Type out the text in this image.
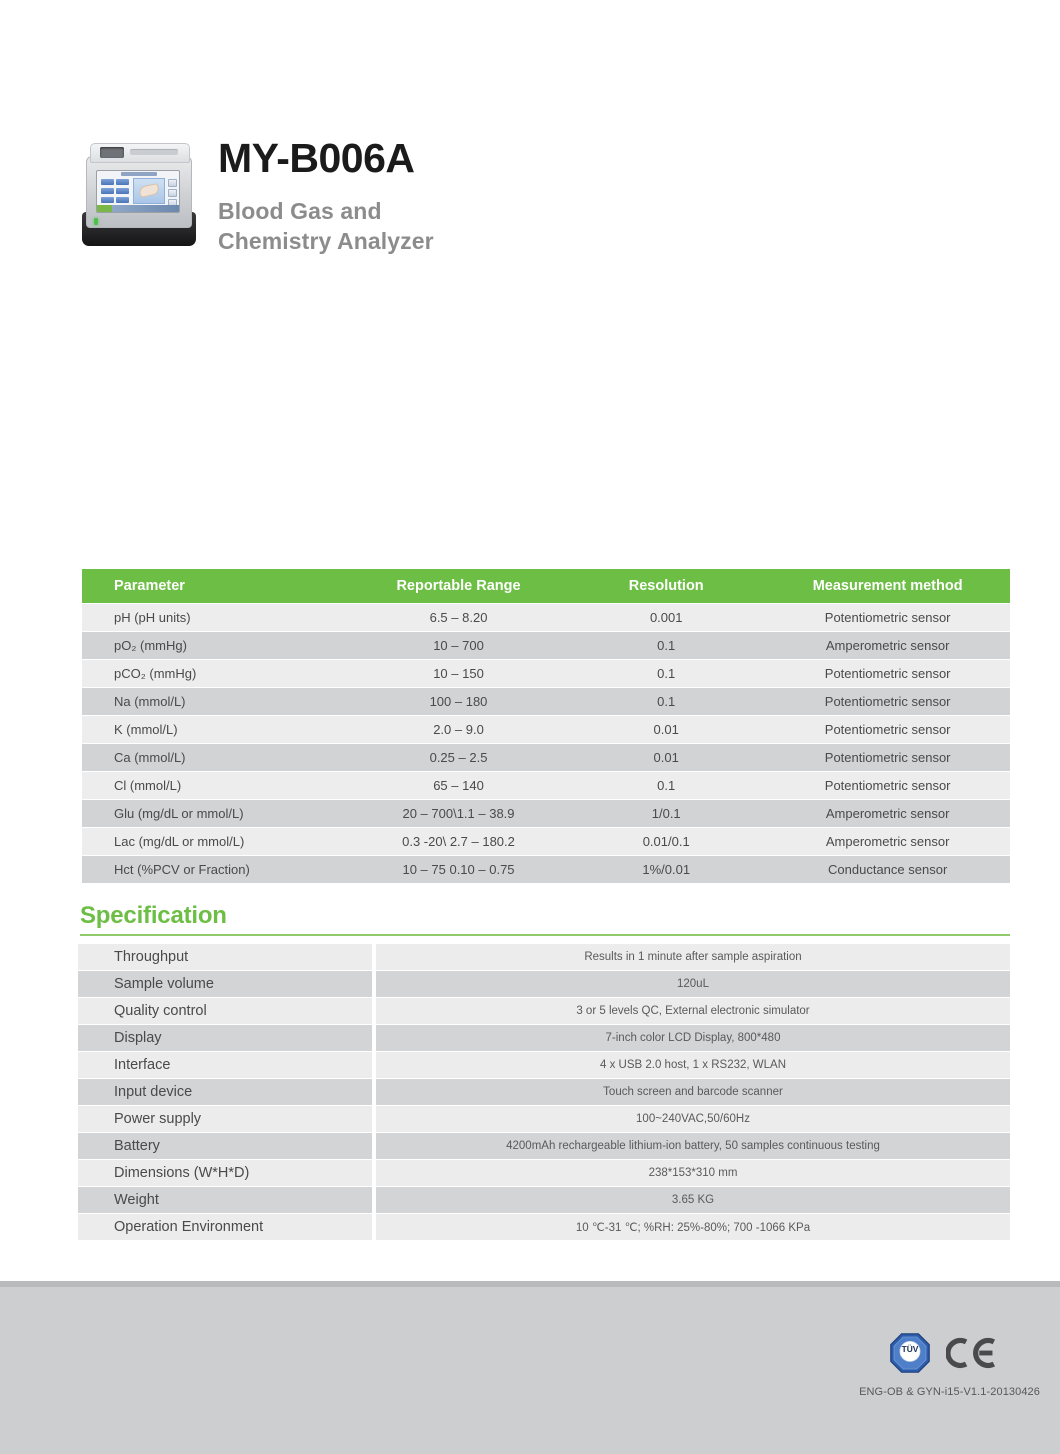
MY-B006A
Blood Gas and
Chemistry Analyzer
Parameter	Reportable Range	Resolution	Measurement method
pH (pH units)	6.5 – 8.20	0.001	Potentiometric sensor
pO₂ (mmHg)	10 – 700	0.1	Amperometric sensor
pCO₂ (mmHg)	10 – 150	0.1	Potentiometric sensor
Na (mmol/L)	100 – 180	0.1	Potentiometric sensor
K (mmol/L)	2.0 – 9.0	0.01	Potentiometric sensor
Ca (mmol/L)	0.25 – 2.5	0.01	Potentiometric sensor
Cl (mmol/L)	65 – 140	0.1	Potentiometric sensor
Glu (mg/dL or mmol/L)	20 – 700\1.1 – 38.9	1/0.1	Amperometric sensor
Lac (mg/dL or mmol/L)	0.3 -20\ 2.7 – 180.2	0.01/0.1	Amperometric sensor
Hct (%PCV or Fraction)	10 – 75 0.10 – 0.75	1%/0.01	Conductance sensor
Specification
Throughput		Results in 1 minute after sample aspiration
Sample volume		120uL
Quality control		3 or 5 levels QC, External electronic simulator
Display		7-inch color LCD Display, 800*480
Interface		4 x USB 2.0 host, 1 x RS232, WLAN
Input device		Touch screen and barcode scanner
Power supply		100~240VAC,50/60Hz
Battery		4200mAh rechargeable lithium-ion battery, 50 samples continuous testing
Dimensions (W*H*D)		238*153*310 mm
Weight		3.65 KG
Operation Environment		10 ℃-31 ℃; %RH: 25%-80%; 700 -1066 KPa
TÜV
SÜD
ENG-OB & GYN-i15-V1.1-20130426
